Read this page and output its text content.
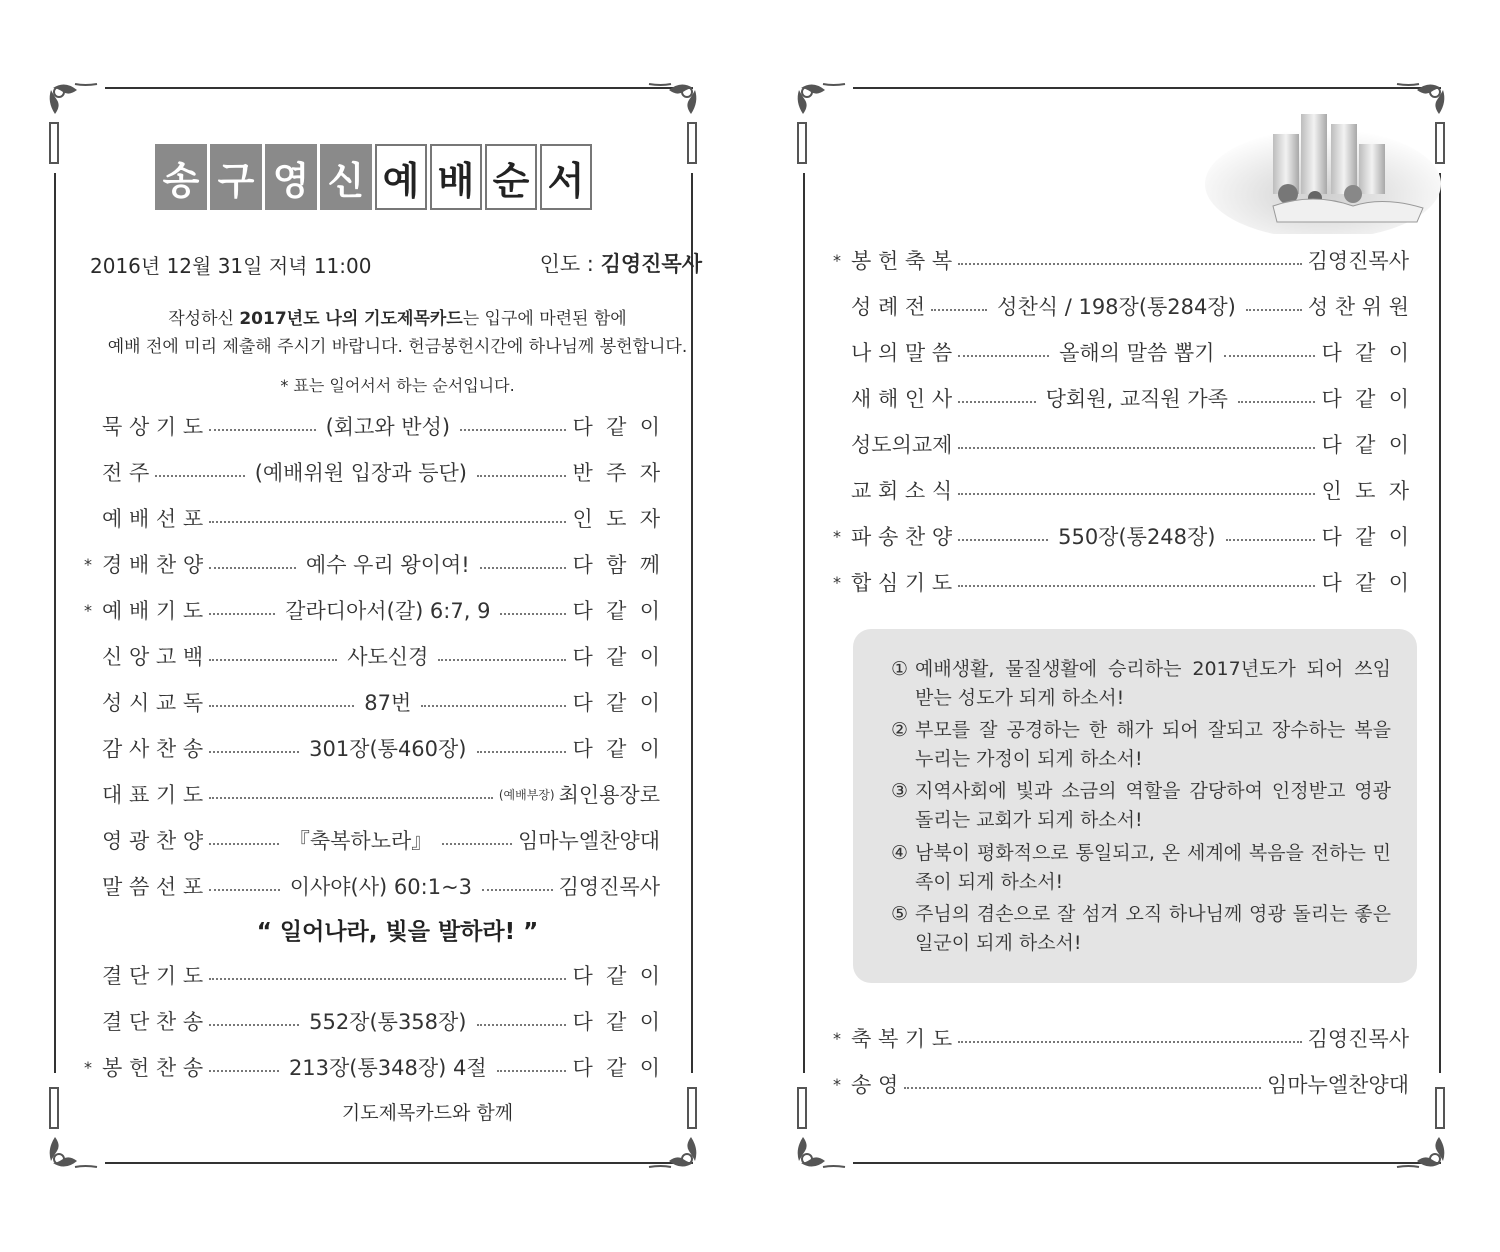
송 구 영 신 예 배 순 서
2016년 12월 31일 저녁 11:00	인도 : 김영진목사
작성하신 2017년도 나의 기도제목카드는 입구에 마련된 함에
예배 전에 미리 제출해 주시기 바랍니다. 헌금봉헌시간에 하나님께 봉헌합니다.
* 표는 일어서서 하는 순서입니다.
묵 상 기 도	(회고와 반성)	다  같  이
전 주	(예배위원 입장과 등단)	반  주  자
예 배 선 포	인  도  자
* 경 배 찬 양	예수 우리 왕이여!	다  함  께
* 예 배 기 도	갈라디아서(갈) 6:7, 9	다  같  이
신 앙 고 백	사도신경	다  같  이
성 시 교 독	87번	다  같  이
감 사 찬 송	301장(통460장)	다  같  이
대 표 기 도	(예배부장) 최인용장로
영 광 찬 양	『축복하노라』	임마누엘찬양대
말 씀 선 포	이사야(사) 60:1~3	김영진목사
“ 일어나라, 빛을 발하라! ”
결 단 기 도	다  같  이
결 단 찬 송	552장(통358장)	다  같  이
* 봉 헌 찬 송	213장(통348장) 4절	다  같  이
기도제목카드와 함께
* 봉 헌 축 복	김영진목사
성 례 전	성찬식 / 198장(통284장)	성 찬 위 원
나 의 말 씀	올해의 말씀 뽑기	다  같  이
새 해 인 사	당회원, 교직원 가족	다  같  이
성도의교제	다  같  이
교 회 소 식	인  도  자
* 파 송 찬 양	550장(통248장)	다  같  이
* 합 심 기 도	다  같  이
① 예배생활, 물질생활에 승리하는 2017년도가 되어 쓰임 받는 성도가 되게 하소서!
② 부모를 잘 공경하는 한 해가 되어 잘되고 장수하는 복을 누리는 가정이 되게 하소서!
③ 지역사회에 빛과 소금의 역할을 감당하여 인정받고 영광 돌리는 교회가 되게 하소서!
④ 남북이 평화적으로 통일되고, 온 세계에 복음을 전하는 민족이 되게 하소서!
⑤ 주님의 겸손으로 잘 섬겨 오직 하나님께 영광 돌리는 좋은 일군이 되게 하소서!
* 축 복 기 도	김영진목사
* 송 영	임마누엘찬양대
